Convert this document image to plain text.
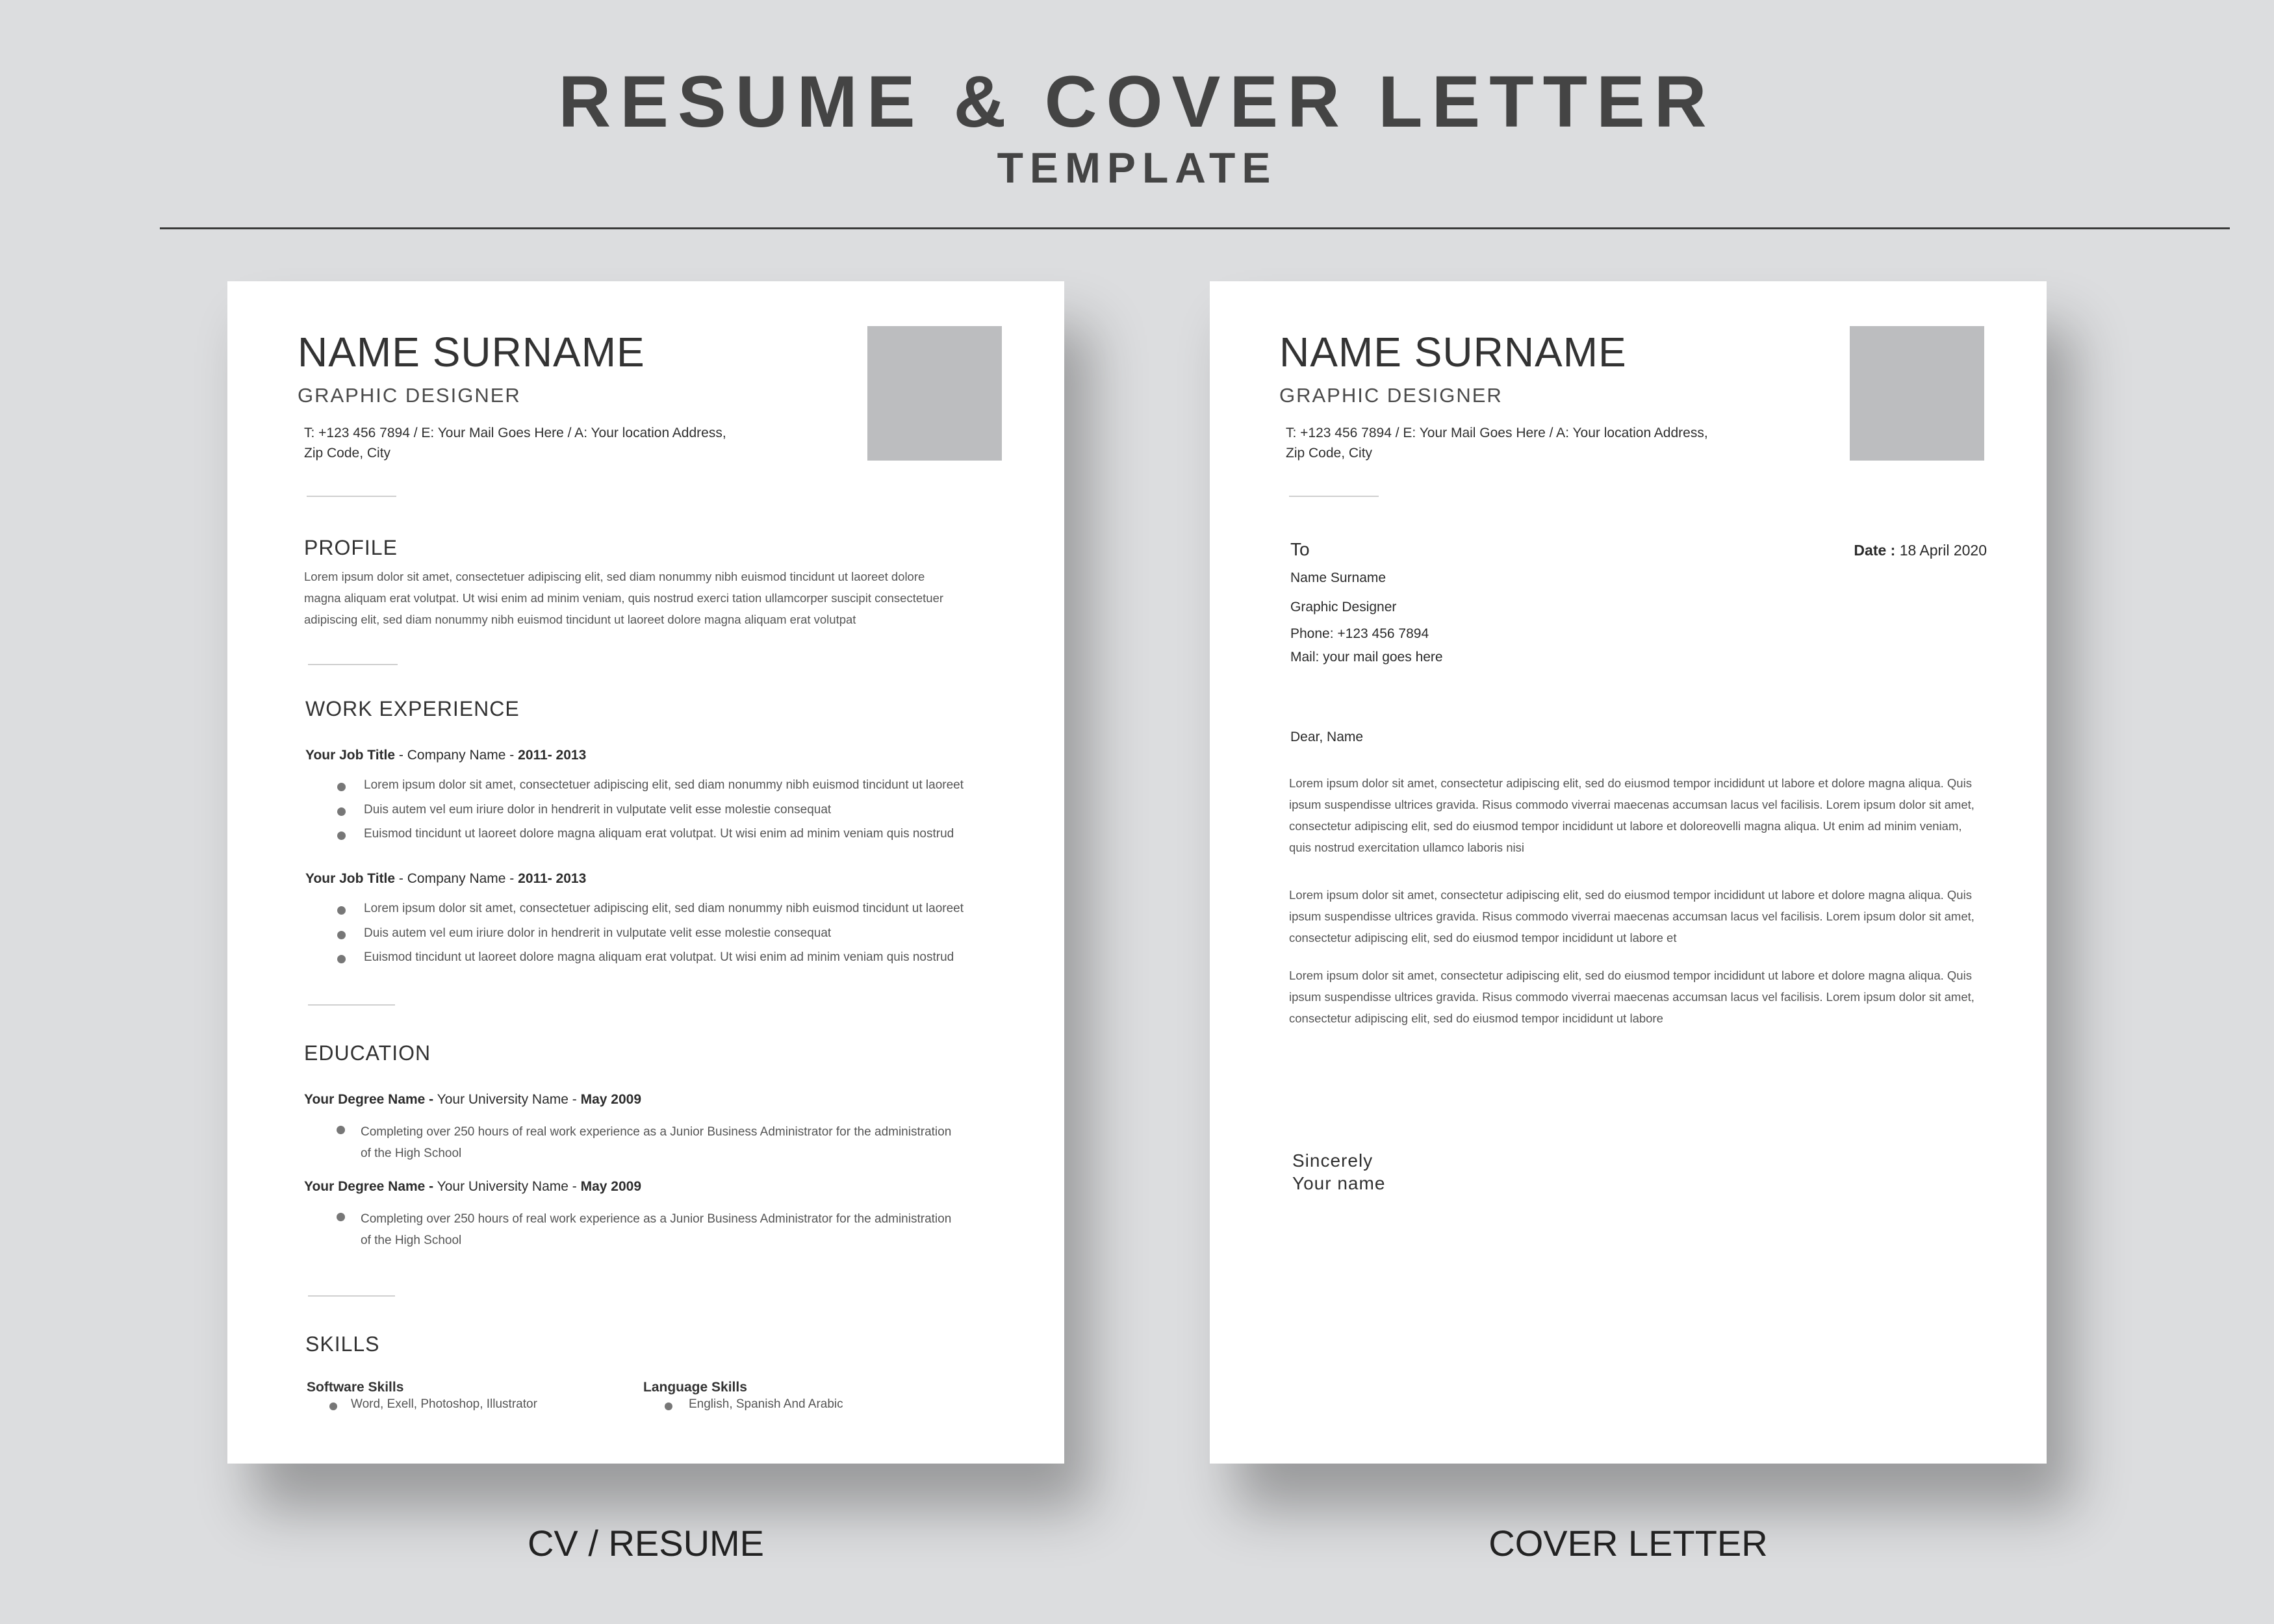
RESUME & COVER LETTER
TEMPLATE
NAME SURNAME
GRAPHIC DESIGNER
T: +123 456 7894 / E: Your Mail Goes Here / A: Your location Address,
Zip Code, City
PROFILE
Lorem ipsum dolor sit amet, consectetuer adipiscing elit, sed diam nonummy nibh euismod tincidunt ut laoreet dolore
magna aliquam erat volutpat. Ut wisi enim ad minim veniam, quis nostrud exerci tation ullamcorper suscipit consectetuer
adipiscing elit, sed diam nonummy nibh euismod tincidunt ut laoreet dolore magna aliquam erat volutpat
WORK EXPERIENCE
Your Job Title - Company Name - 2011- 2013
Lorem ipsum dolor sit amet, consectetuer adipiscing elit, sed diam nonummy nibh euismod tincidunt ut laoreet
Duis autem vel eum iriure dolor in hendrerit in vulputate velit esse molestie consequat
Euismod tincidunt ut laoreet dolore magna aliquam erat volutpat. Ut wisi enim ad minim veniam quis nostrud
Your Job Title - Company Name - 2011- 2013
Lorem ipsum dolor sit amet, consectetuer adipiscing elit, sed diam nonummy nibh euismod tincidunt ut laoreet
Duis autem vel eum iriure dolor in hendrerit in vulputate velit esse molestie consequat
Euismod tincidunt ut laoreet dolore magna aliquam erat volutpat. Ut wisi enim ad minim veniam quis nostrud
EDUCATION
Your Degree Name - Your University Name - May 2009
Completing over 250 hours of real work experience as a Junior Business Administrator for the administration
of the High School
Your Degree Name - Your University Name - May 2009
Completing over 250 hours of real work experience as a Junior Business Administrator for the administration
of the High School
SKILLS
Software Skills
Word, Exell, Photoshop, Illustrator
Language Skills
English, Spanish And Arabic
NAME SURNAME
GRAPHIC DESIGNER
T: +123 456 7894 / E: Your Mail Goes Here / A: Your location Address,
Zip Code, City
To	Date : 18 April 2020
Name Surname
Graphic Designer
Phone: +123 456 7894
Mail: your mail goes here
Dear, Name
Lorem ipsum dolor sit amet, consectetur adipiscing elit, sed do eiusmod tempor incididunt ut labore et dolore magna aliqua. Quis
ipsum suspendisse ultrices gravida. Risus commodo viverrai maecenas accumsan lacus vel facilisis. Lorem ipsum dolor sit amet,
consectetur adipiscing elit, sed do eiusmod tempor incididunt ut labore et doloreovelli magna aliqua. Ut enim ad minim veniam,
quis nostrud exercitation ullamco laboris nisi
Lorem ipsum dolor sit amet, consectetur adipiscing elit, sed do eiusmod tempor incididunt ut labore et dolore magna aliqua. Quis
ipsum suspendisse ultrices gravida. Risus commodo viverrai maecenas accumsan lacus vel facilisis. Lorem ipsum dolor sit amet,
consectetur adipiscing elit, sed do eiusmod tempor incididunt ut labore et
Lorem ipsum dolor sit amet, consectetur adipiscing elit, sed do eiusmod tempor incididunt ut labore et dolore magna aliqua. Quis
ipsum suspendisse ultrices gravida. Risus commodo viverrai maecenas accumsan lacus vel facilisis. Lorem ipsum dolor sit amet,
consectetur adipiscing elit, sed do eiusmod tempor incididunt ut labore
Sincerely
Your name

CV / RESUME	COVER LETTER
